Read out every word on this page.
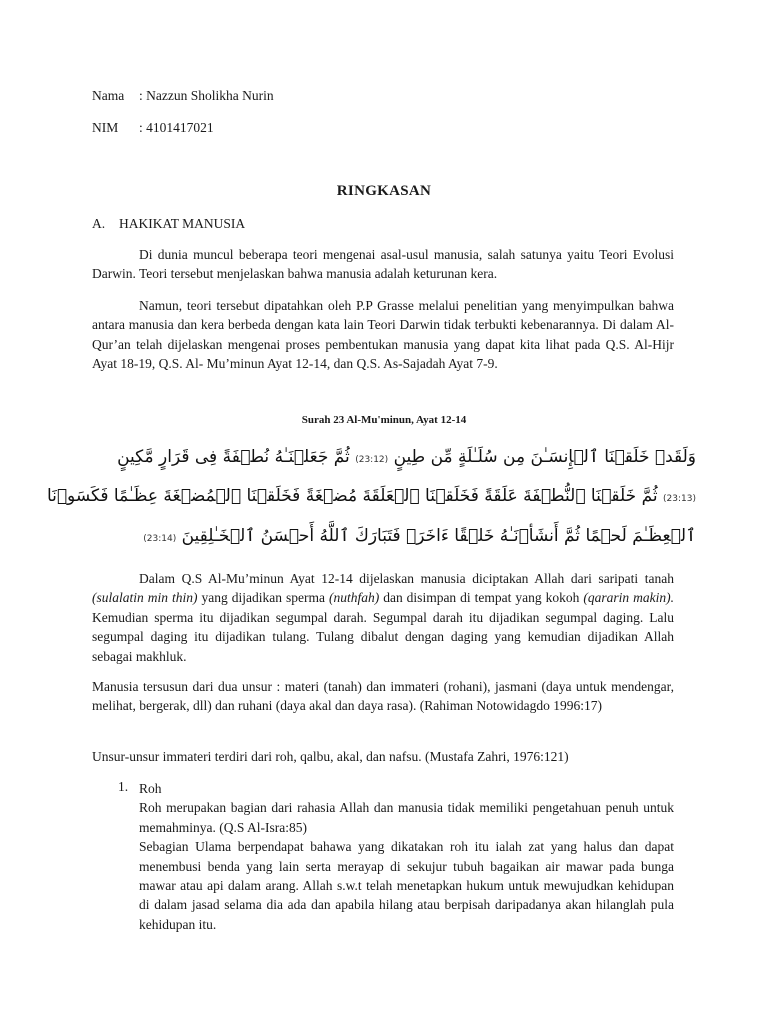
Nama : Nazzun Sholikha Nurin
NIM : 4101417021
RINGKASAN
A. HAKIKAT MANUSIA
Di dunia muncul beberapa teori mengenai asal-usul manusia, salah satunya yaitu Teori Evolusi Darwin. Teori tersebut menjelaskan bahwa manusia adalah keturunan kera.
Namun, teori tersebut dipatahkan oleh P.P Grasse melalui penelitian yang menyimpulkan bahwa antara manusia dan kera berbeda dengan kata lain Teori Darwin tidak terbukti kebenarannya. Di dalam Al-Qur’an telah dijelaskan mengenai proses pembentukan manusia yang dapat kita lihat pada Q.S. Al-Hijr Ayat 18-19, Q.S. Al- Mu’minun Ayat 12-14, dan Q.S. As-Sajadah Ayat 7-9.
Surah 23 Al-Mu'minun, Ayat 12-14
وَلَقَدۡ خَلَقۡنَا ٱلۡإِنسَـٰنَ مِن سُلَـٰلَةٍ مِّن طِينٍ (23:12) ثُمَّ جَعَلۡنَـٰهُ نُطۡفَةً فِى قَرَارٍ مَّكِينٍ
(23:13) ثُمَّ خَلَقۡنَا ٱلنُّطۡفَةَ عَلَقَةً فَخَلَقۡنَا ٱلۡعَلَقَةَ مُضۡغَةً فَخَلَقۡنَا ٱلۡمُضۡغَةَ عِظَـٰمًا فَكَسَوۡنَا
ٱلۡعِظَـٰمَ لَحۡمًا ثُمَّ أَنشَأۡنَـٰهُ خَلۡقًا ءَاخَرَ‌ۚ فَتَبَارَكَ ٱللَّهُ أَحۡسَنُ ٱلۡخَـٰلِقِينَ (23:14)
Dalam Q.S Al-Mu’minun Ayat 12-14 dijelaskan manusia diciptakan Allah dari saripati tanah (sulalatin min thin) yang dijadikan sperma (nuthfah) dan disimpan di tempat yang kokoh (qararin makin). Kemudian sperma itu dijadikan segumpal darah. Segumpal darah itu dijadikan segumpal daging. Lalu segumpal daging itu dijadikan tulang. Tulang dibalut dengan daging yang kemudian dijadikan Allah sebagai makhluk.
Manusia tersusun dari dua unsur : materi (tanah) dan immateri (rohani), jasmani (daya untuk mendengar, melihat, bergerak, dll) dan ruhani (daya akal dan daya rasa). (Rahiman Notowidagdo 1996:17)
Unsur-unsur immateri terdiri dari roh, qalbu, akal, dan nafsu. (Mustafa Zahri, 1976:121)
1. Roh
Roh merupakan bagian dari rahasia Allah dan manusia tidak memiliki pengetahuan penuh untuk memahminya. (Q.S Al-Isra:85)
Sebagian Ulama berpendapat bahawa yang dikatakan roh itu ialah zat yang halus dan dapat menembusi benda yang lain serta merayap di sekujur tubuh bagaikan air mawar pada bunga mawar atau api dalam arang. Allah s.w.t telah menetapkan hukum untuk mewujudkan kehidupan di dalam jasad selama dia ada dan apabila hilang atau berpisah daripadanya akan hilanglah pula kehidupan itu.
